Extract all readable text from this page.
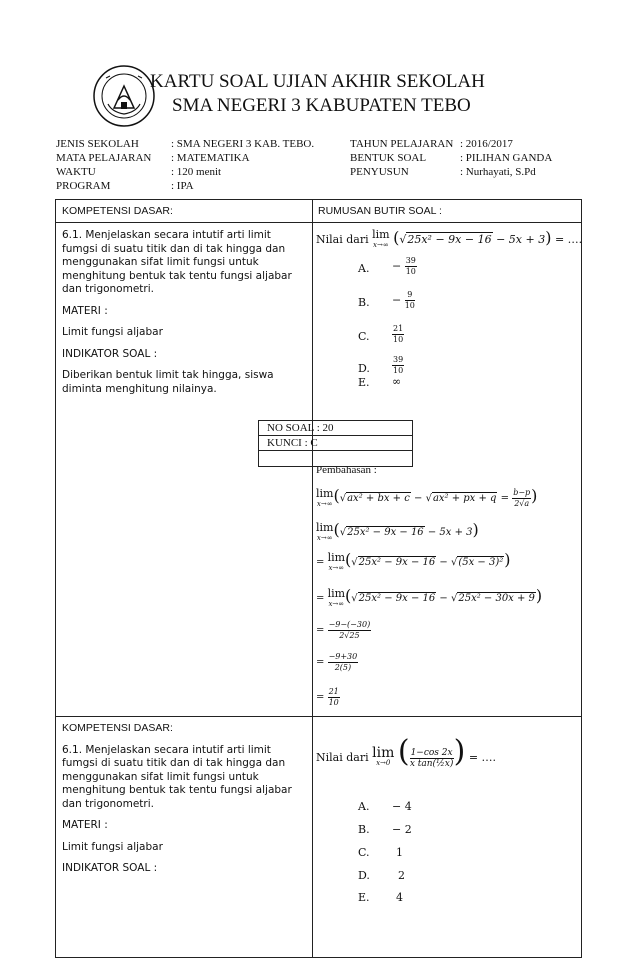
KARTU SOAL UJIAN AKHIR SEKOLAH
SMA NEGERI 3 KABUPATEN TEBO
JENIS SEKOLAH	: SMA NEGERI 3 KAB. TEBO.
MATA PELAJARAN : MATEMATIKA
WAKTU	: 120 menit
PROGRAM	: IPA
TAHUN PELAJARAN : 2016/2017
BENTUK SOAL	: PILIHAN GANDA
PENYUSUN	: Nurhayati, S.Pd
KOMPETENSI DASAR:	RUMUSAN BUTIR SOAL :

6.1. Menjelaskan secara intutif arti limit fumgsi di suatu titik dan di tak hingga dan menggunakan sifat limit fungsi untuk menghitung bentuk tak tentu fungsi aljabar dan trigonometri.

MATERI :

Limit fungsi aljabar

INDIKATOR SOAL :

Diberikan bentuk limit tak hingga, siswa diminta menghitung nilainya.

Nilai dari lim
x→∞ (√25x² − 9x − 16 − 5x + 3) = ….
A. − $\frac{39}{10}$
B. − $\frac{9}{10}$
C.	$\frac{21}{10}$
D.	$\frac{39}{10}$
E. ∞
Pembahasan :
lim
x→∞ (√ax² + bx + c − √ax² + px + $q = \frac{b-p}{2√a}$ )
lim
x→∞ (√25x² − 9x − 16 − 5x + 3)
= lim
x→∞ (√25x² − 9x − 16 − √(5x − 3)²)
= lim
x→∞ (√25x² − 9x − 16 − √25x² − 30x + 9)
= $\frac{-9-(-30)}{2√25}$
= $\frac{-9+30}{2(5)}$
= $\frac{21}{10}$

KOMPETENSI DASAR:

6.1. Menjelaskan secara intutif arti limit fumgsi di suatu titik dan di tak hingga dan menggunakan sifat limit fungsi untuk menghitung bentuk tak tentu fungsi aljabar dan trigonometri.

MATERI :

Limit fungsi aljabar

INDIKATOR SOAL :

Nilai dari lim
x→0 ( $\frac{1-\cos 2x}{\text{x tan(½x)}}$ ) = ….
A. − 4
B. − 2
C. 1
D.	2
E. 4
NO SOAL : 20
KUNCI : C
